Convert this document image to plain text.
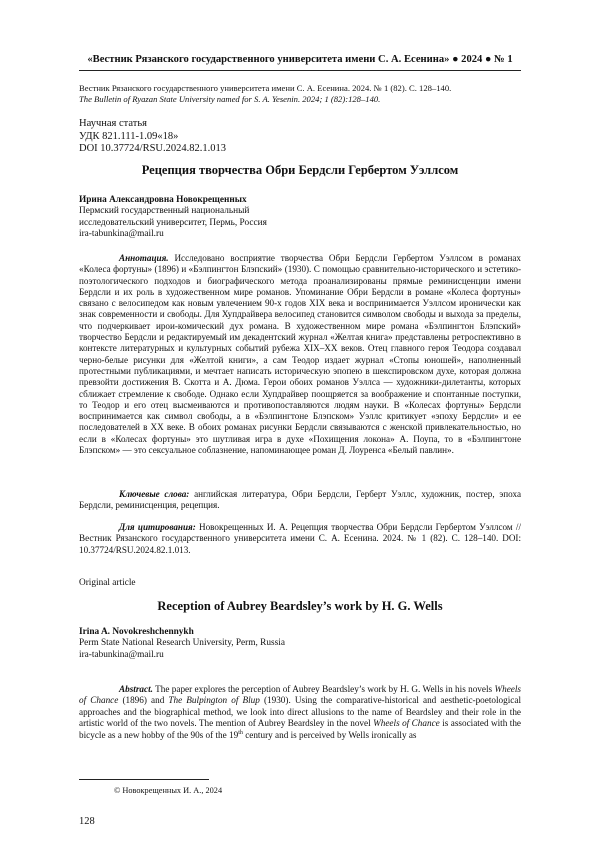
«Вестник Рязанского государственного университета имени С. А. Есенина» ● 2024 ● № 1
Вестник Рязанского государственного университета имени С. А. Есенина. 2024. № 1 (82). С. 128–140.
The Bulletin of Ryazan State University named for S. A. Yesenin. 2024; 1 (82):128–140.
Научная статья
УДК 821.111-1.09«18»
DOI 10.37724/RSU.2024.82.1.013
Рецепция творчества Обри Бердсли Гербертом Уэллсом
Ирина Александровна Новокрещенных
Пермский государственный национальный
исследовательский университет, Пермь, Россия
ira-tabunkina@mail.ru

Аннотация. Исследовано восприятие творчества Обри Бердсли Гербертом Уэллсом в романах «Колеса фортуны» (1896) и «Бэлпингтон Блэпский» (1930). С помощью сравнительно-исторического и эстетико-поэтологического подходов и биографического метода проанализированы прямые реминисценции имени Бердсли и их роль в художественном мире романов. Упоминание Обри Бердсли в романе «Колеса фортуны» связано с велосипедом как новым увлечением 90-х годов XIX века и воспринимается Уэллсом иронически как знак современности и свободы. Для Хупдрайвера велосипед становится символом свободы и выхода за пределы, что подчеркивает ирои-комический дух романа. В художественном мире романа «Бэлпингтон Блэпский» творчество Бердсли и редактируемый им декадентский журнал «Желтая книга» представлены ретроспективно в контексте литературных и культурных событий рубежа XIX–XX веков. Отец главного героя Теодора создавал черно-белые рисунки для «Желтой книги», а сам Теодор издает журнал «Стопы юношей», наполненный протестными публикациями, и мечтает написать историческую эпопею в шекспировском духе, которая должна превзойти достижения В. Скотта и А. Дюма. Герои обоих романов Уэллса — художники-дилетанты, которых сближает стремление к свободе. Однако если Хупдрайвер поощряется за воображение и спонтанные поступки, то Теодор и его отец высмеиваются и противопоставляются людям науки. В «Колесах фортуны» Бердсли воспринимается как символ свободы, а в «Бэлпингтоне Блэпском» Уэллс критикует «эпоху Бердсли» и ее последователей в XX веке. В обоих романах рисунки Бердсли связываются с женской привлекательностью, но если в «Колесах фортуны» это шутливая игра в духе «Похищения локона» А. Поупа, то в «Бэлпингтоне Блэпском» — это сексуальное соблазнение, напоминающее роман Д. Лоуренса «Белый павлин».

Ключевые слова: английская литература, Обри Бердсли, Герберт Уэллс, художник, постер, эпоха Бердсли, реминисценция, рецепция.

Для цитирования: Новокрещенных И. А. Рецепция творчества Обри Бердсли Гербертом Уэллсом // Вестник Рязанского государственного университета имени С. А. Есенина. 2024. № 1 (82). С. 128–140. DOI: 10.37724/RSU.2024.82.1.013.

Original article
Reception of Aubrey Beardsley’s work by H. G. Wells
Irina A. Novokreshchennykh
Perm State National Research University, Perm, Russia
ira-tabunkina@mail.ru

Abstract. The paper explores the perception of Aubrey Beardsley’s work by H. G. Wells in his novels Wheels of Chance (1896) and The Bulpington of Blup (1930). Using the comparative-historical and aesthetic-poetological approaches and the biographical method, we look into direct allusions to the name of Beardsley and their role in the artistic world of the two novels. The mention of Aubrey Beardsley in the novel Wheels of Chance is associated with the bicycle as a new hobby of the 90s of the 19th century and is perceived by Wells ironically as

© Новокрещенных И. А., 2024
128
